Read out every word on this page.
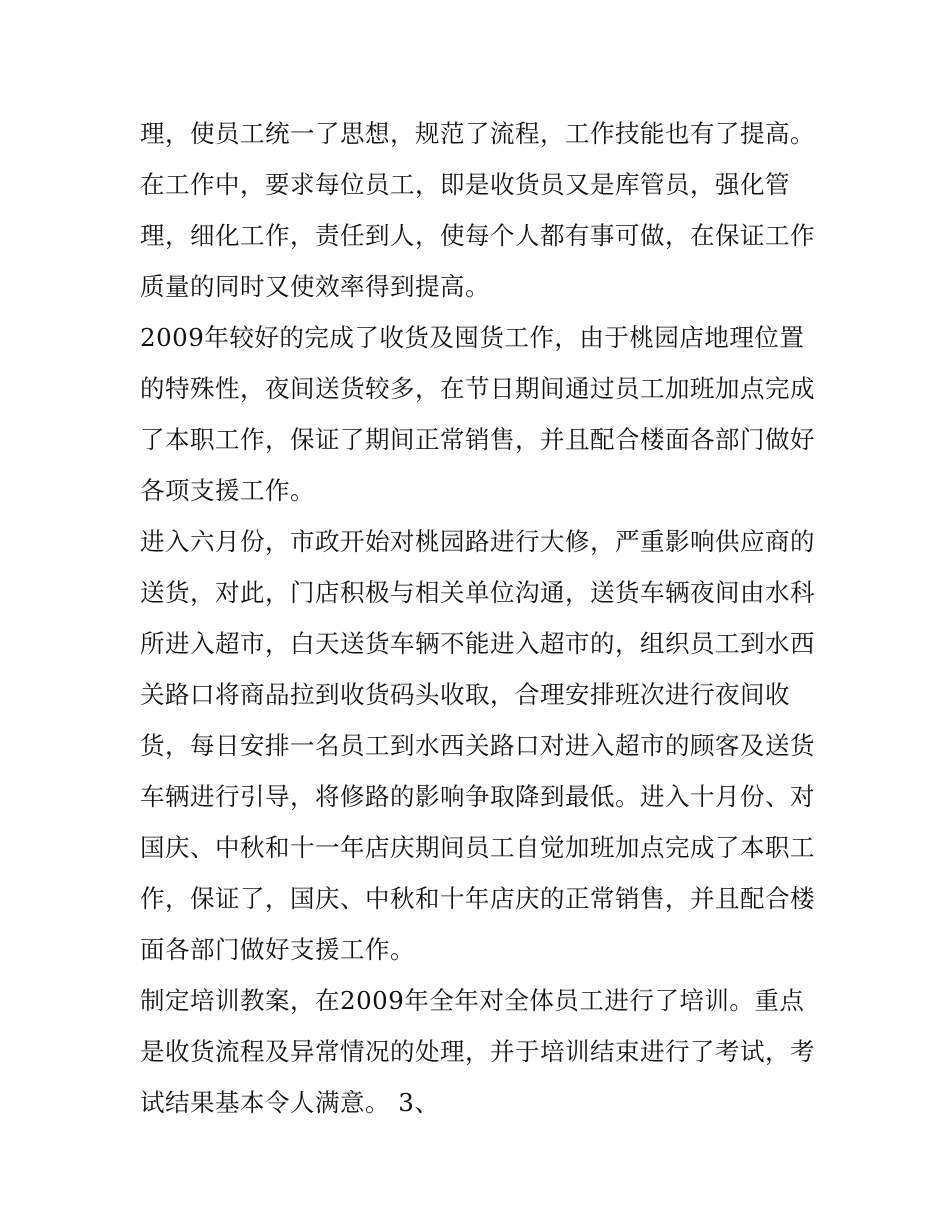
理，使员工统一了思想，规范了流程，工作技能也有了提高。
在工作中，要求每位员工，即是收货员又是库管员，强化管
理，细化工作，责任到人，使每个人都有事可做，在保证工作
质量的同时又使效率得到提高。
2009年较好的完成了收货及囤货工作，由于桃园店地理位置
的特殊性，夜间送货较多，在节日期间通过员工加班加点完成
了本职工作，保证了期间正常销售，并且配合楼面各部门做好
各项支援工作。
进入六月份，市政开始对桃园路进行大修，严重影响供应商的
送货，对此，门店积极与相关单位沟通，送货车辆夜间由水科
所进入超市，白天送货车辆不能进入超市的，组织员工到水西
关路口将商品拉到收货码头收取，合理安排班次进行夜间收
货，每日安排一名员工到水西关路口对进入超市的顾客及送货
车辆进行引导，将修路的影响争取降到最低。进入十月份、对
国庆、中秋和十一年店庆期间员工自觉加班加点完成了本职工
作，保证了，国庆、中秋和十年店庆的正常销售，并且配合楼
面各部门做好支援工作。
制定培训教案，在2009年全年对全体员工进行了培训。重点
是收货流程及异常情况的处理，并于培训结束进行了考试，考
试结果基本令人满意。 3、
